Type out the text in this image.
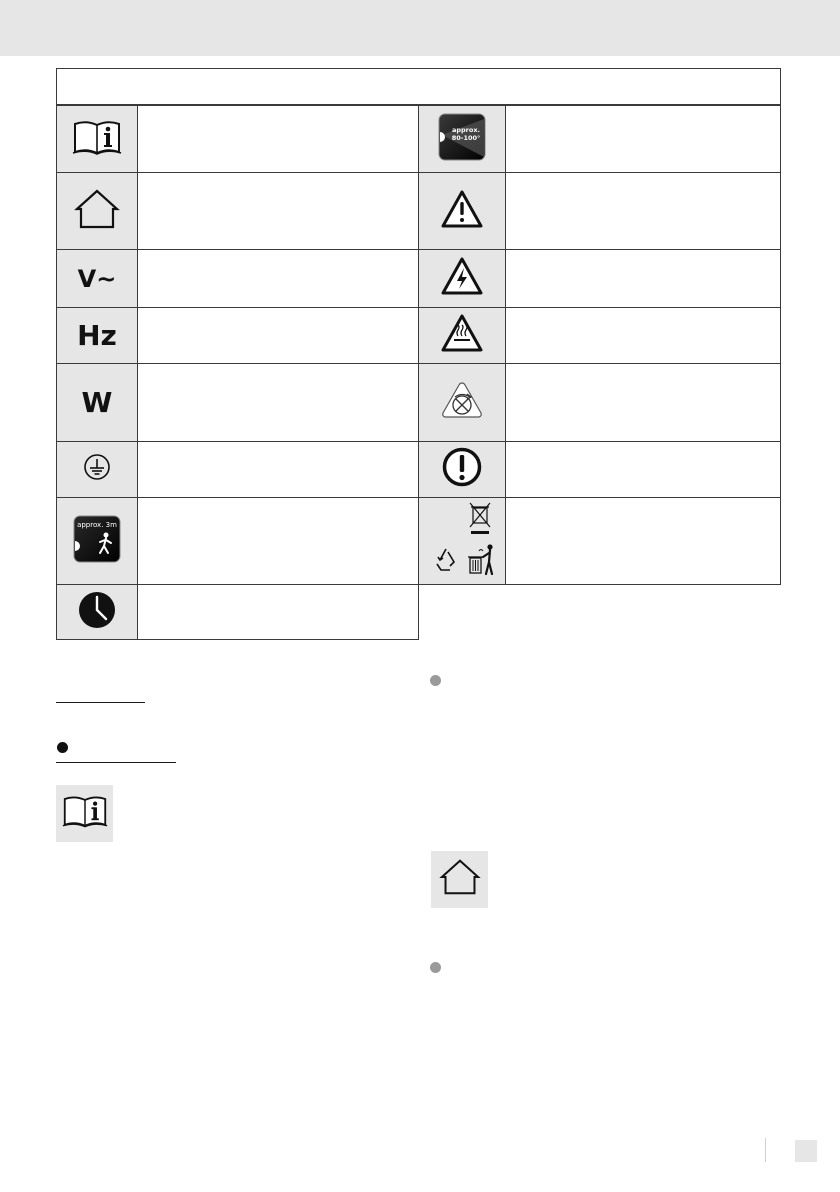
V~
Hz
W
approx. 3m
approx.
80-100°
